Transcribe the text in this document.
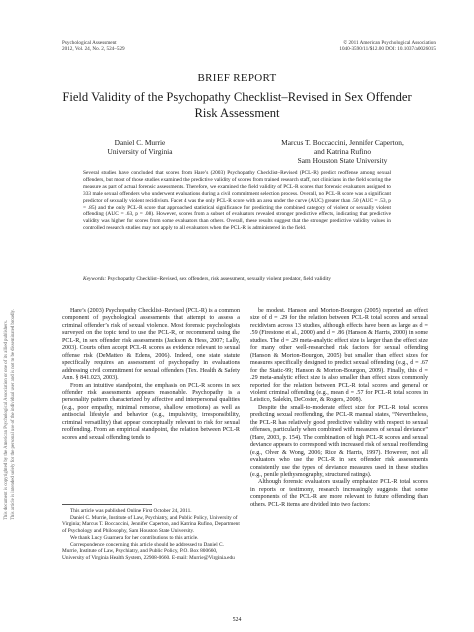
Psychological Assessment
2012, Vol. 24, No. 2, 524–529
© 2011 American Psychological Association
1040-3590/11/$12.00 DOI: 10.1037/a0026015
This document is copyrighted by the American Psychological Association or one of its allied publishers. This article is intended solely for the personal use of the individual user and is not to be disseminated broadly.
BRIEF REPORT
Field Validity of the Psychopathy Checklist–Revised in Sex Offender
Risk Assessment
Daniel C. Murrie
University of Virginia
Marcus T. Boccaccini, Jennifer Caperton,
and Katrina Rufino
Sam Houston State University
Several studies have concluded that scores from Hare’s (2003) Psychopathy Checklist–Revised (PCL-R) predict reoffense among sexual offenders, but most of those studies examined the predictive validity of scores from trained research staff, not clinicians in the field scoring the measure as part of actual forensic assessments. Therefore, we examined the field validity of PCL-R scores that forensic evaluators assigned to 333 male sexual offenders who underwent evaluations during a civil commitment selection process. Overall, no PCL-R score was a significant predictor of sexually violent recidivism. Facet 4 was the only PCL-R score with an area under the curve (AUC) greater than .50 (AUC = .53, p = .85) and the only PCL-R score that approached statistical significance for predicting the combined category of violent or sexually violent offending (AUC = .63, p = .08). However, scores from a subset of evaluators revealed stronger predictive effects, indicating that predictive validity was higher for scores from some evaluators than others. Overall, these results suggest that the stronger predictive validity values in controlled research studies may not apply to all evaluators when the PCL-R is administered in the field.
Keywords: Psychopathy Checklist–Revised, sex offenders, risk assessment, sexually violent predator, field validity

Hare’s (2003) Psychopathy Checklist–Revised (PCL-R) is a common component of psychological assessments that attempt to assess a criminal offender’s risk of sexual violence. Most forensic psychologists surveyed on the topic tend to use the PCL-R, or recommend using the PCL-R, in sex offender risk assessments (Jackson & Hess, 2007; Lally, 2003). Courts often accept PCL-R scores as evidence relevant to sexual offense risk (DeMatteo & Edens, 2006). Indeed, one state statute specifically requires an assessment of psychopathy in evaluations addressing civil commitment for sexual offenders (Tex. Health & Safety Ann. § 841.023, 2003).

From an intuitive standpoint, the emphasis on PCL-R scores in sex offender risk assessments appears reasonable. Psychopathy is a personality pattern characterized by affective and interpersonal qualities (e.g., poor empathy, minimal remorse, shallow emotions) as well as antisocial lifestyle and behavior (e.g., impulsivity, irresponsibility, criminal versatility) that appear conceptually relevant to risk for sexual reoffending. From an empirical standpoint, the relation between PCL-R scores and sexual offending tends to

be modest. Hanson and Morton-Bourgon (2005) reported an effect size of d = .29 for the relation between PCL-R total scores and sexual recidivism across 13 studies, although effects have been as large as d = .59 (Firestone et al., 2000) and d = .86 (Hanson & Harris, 2000) in some studies. The d = .29 meta-analytic effect size is larger than the effect size for many other well-researched risk factors for sexual offending (Hanson & Morton-Bourgon, 2005) but smaller than effect sizes for measures specifically designed to predict sexual offending (e.g., d = .67 for the Static-99; Hanson & Morton-Bourgon, 2009). Finally, this d = .29 meta-analytic effect size is also smaller than effect sizes commonly reported for the relation between PCL-R total scores and general or violent criminal offending (e.g., mean d = .57 for PCL-R total scores in Leistico, Salekin, DeCoster, & Rogers, 2008).

Despite the small-to-moderate effect size for PCL-R total scores predicting sexual reoffending, the PCL-R manual states, “Nevertheless, the PCL-R has relatively good predictive validity with respect to sexual offenses, particularly when combined with measures of sexual deviance” (Hare, 2003, p. 154). The combination of high PCL-R scores and sexual deviance appears to correspond with increased risk of sexual reoffending (e.g., Olver & Wong, 2006; Rice & Harris, 1997). However, not all evaluators who use the PCL-R in sex offender risk assessments consistently use the types of deviance measures used in these studies (e.g., penile plethysmography, structured ratings).

Although forensic evaluators usually emphasize PCL-R total scores in reports or testimony, research increasingly suggests that some components of the PCL-R are more relevant to future offending than others. PCL-R items are divided into two factors:

This article was published Online First October 24, 2011.

Daniel C. Murrie, Institute of Law, Psychiatry, and Public Policy, University of Virginia; Marcus T. Boccaccini, Jennifer Caperton, and Katrina Rufino, Department of Psychology and Philosophy, Sam Houston State University.

We thank Lucy Guarnera for her contributions to this article.

Correspondence concerning this article should be addressed to Daniel C. Murrie, Institute of Law, Psychiatry, and Public Policy, P.O. Box 800660, University of Virginia Health System, 22908-0660. E-mail: Murrie@Virginia.edu

524
